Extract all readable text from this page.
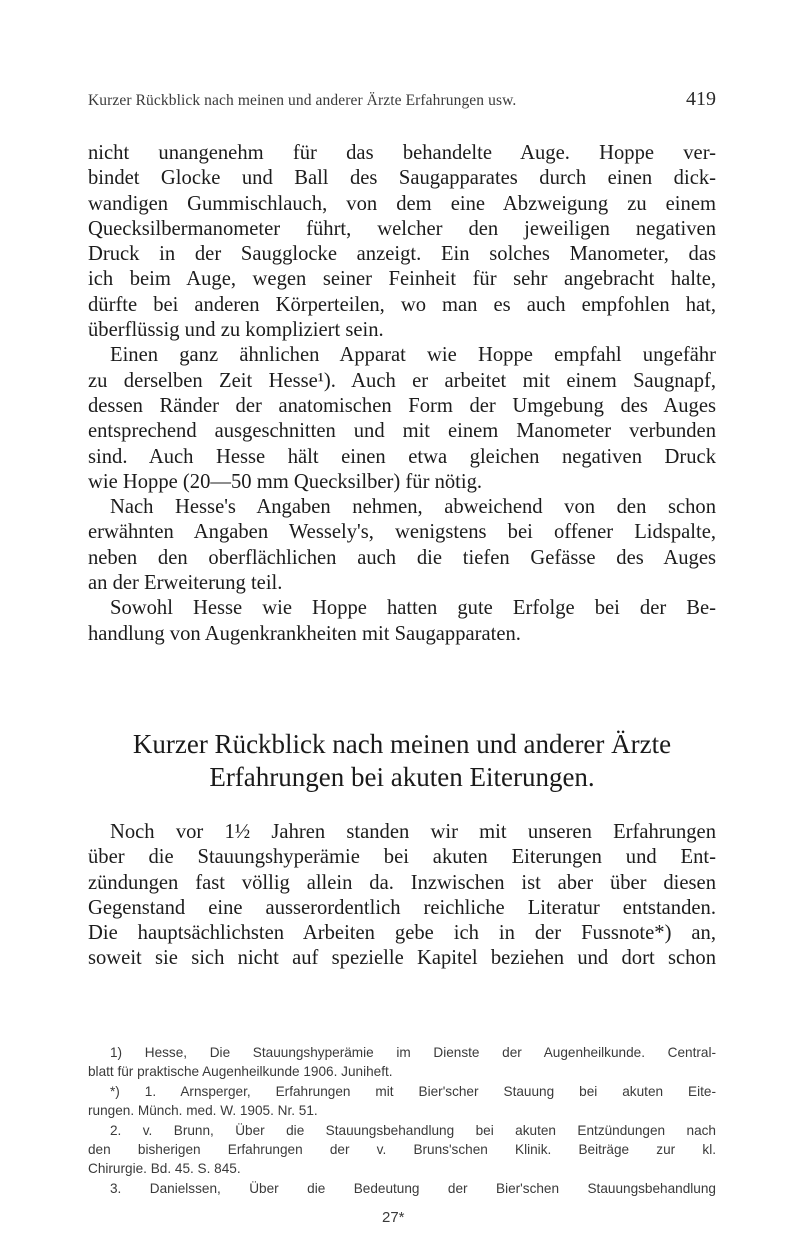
Kurzer Rückblick nach meinen und anderer Ärzte Erfahrungen usw.	419
nicht unangenehm für das behandelte Auge. Hoppe ver-
bindet Glocke und Ball des Saugapparates durch einen dick-
wandigen Gummischlauch, von dem eine Abzweigung zu einem
Quecksilbermanometer führt, welcher den jeweiligen negativen
Druck in der Saugglocke anzeigt. Ein solches Manometer, das
ich beim Auge, wegen seiner Feinheit für sehr angebracht halte,
dürfte bei anderen Körperteilen, wo man es auch empfohlen hat,
überflüssig und zu kompliziert sein.
Einen ganz ähnlichen Apparat wie Hoppe empfahl ungefähr
zu derselben Zeit Hesse¹). Auch er arbeitet mit einem Saugnapf,
dessen Ränder der anatomischen Form der Umgebung des Auges
entsprechend ausgeschnitten und mit einem Manometer verbunden
sind. Auch Hesse hält einen etwa gleichen negativen Druck
wie Hoppe (20—50 mm Quecksilber) für nötig.
Nach Hesse's Angaben nehmen, abweichend von den schon
erwähnten Angaben Wessely's, wenigstens bei offener Lidspalte,
neben den oberflächlichen auch die tiefen Gefässe des Auges
an der Erweiterung teil.
Sowohl Hesse wie Hoppe hatten gute Erfolge bei der Be-
handlung von Augenkrankheiten mit Saugapparaten.
Kurzer Rückblick nach meinen und anderer Ärzte
Erfahrungen bei akuten Eiterungen.
Noch vor 1½ Jahren standen wir mit unseren Erfahrungen
über die Stauungshyperämie bei akuten Eiterungen und Ent-
zündungen fast völlig allein da. Inzwischen ist aber über diesen
Gegenstand eine ausserordentlich reichliche Literatur entstanden.
Die hauptsächlichsten Arbeiten gebe ich in der Fussnote*) an,
soweit sie sich nicht auf spezielle Kapitel beziehen und dort schon
1) Hesse, Die Stauungshyperämie im Dienste der Augenheilkunde. Central-
blatt für praktische Augenheilkunde 1906. Juniheft.
*) 1. Arnsperger, Erfahrungen mit Bier'scher Stauung bei akuten Eite-
rungen. Münch. med. W. 1905. Nr. 51.
2. v. Brunn, Über die Stauungsbehandlung bei akuten Entzündungen nach
den bisherigen Erfahrungen der v. Bruns'schen Klinik. Beiträge zur kl.
Chirurgie. Bd. 45. S. 845.
3. Danielssen, Über die Bedeutung der Bier'schen Stauungsbehandlung
27*
